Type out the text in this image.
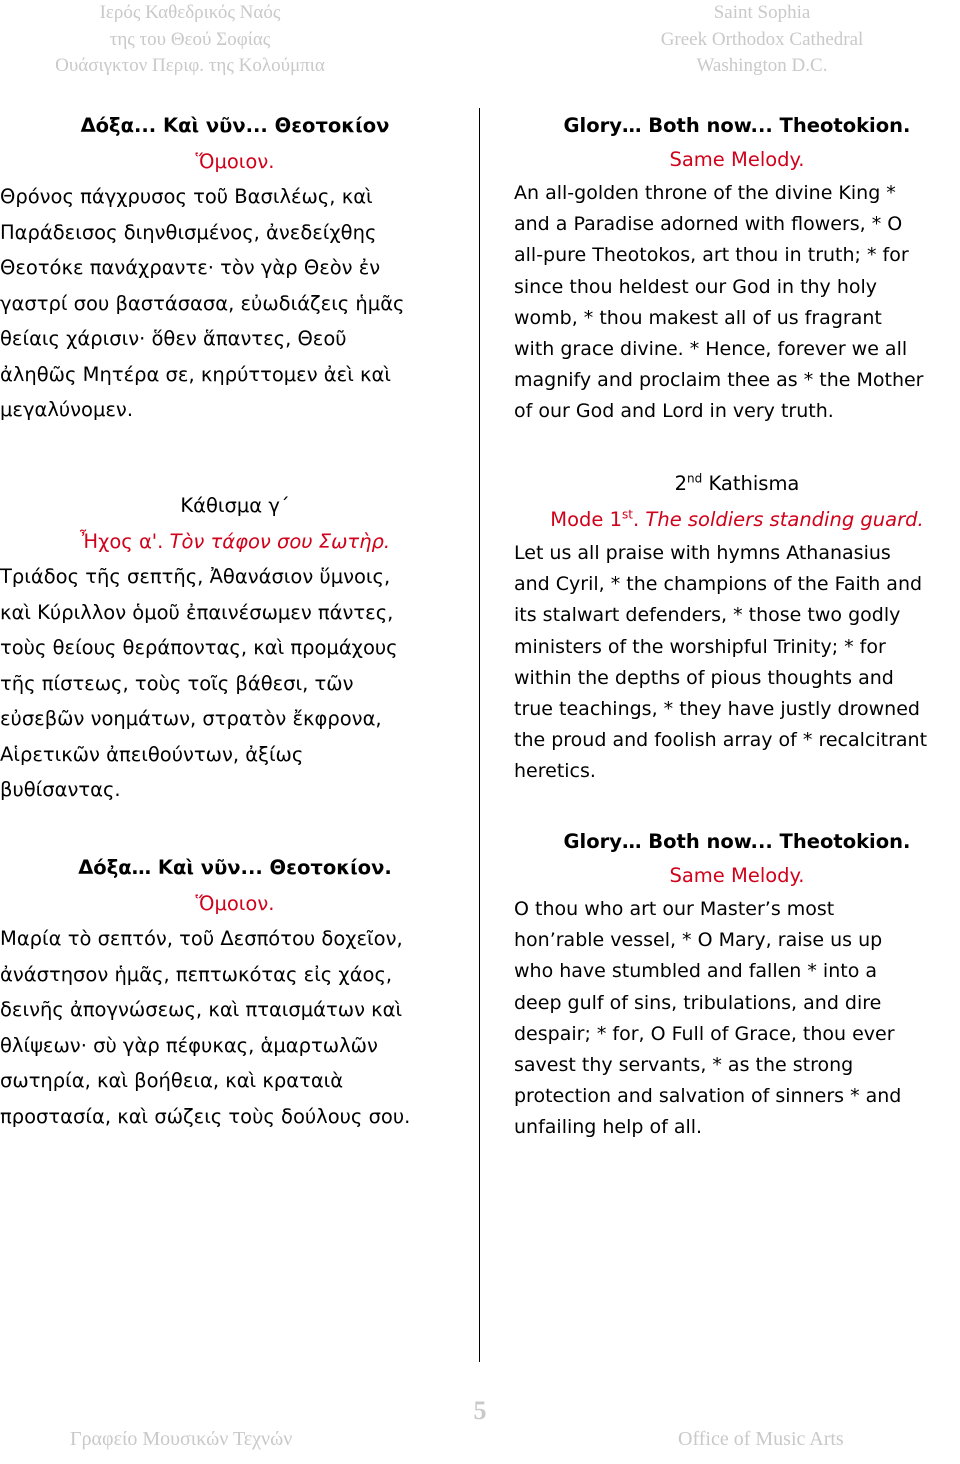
Ιερός Καθεδρικός Ναός
της του Θεού Σοφίας
Ουάσιγκτον Περιφ. της Κολούμπια
Saint Sophia
Greek Orthodox Cathedral
Washington D.C.
Δόξα... Καὶ νῦν... Θεοτοκίον
Ὅμοιον.
Θρόνος πάγχρυσος τοῦ Βασιλέως, καὶ
Παράδεισος διηνθισμένος, ἀνεδείχθης
Θεοτόκε πανάχραντε· τὸν γὰρ Θεὸν ἐν
γαστρί σου βαστάσασα, εὐωδιάζεις ἡμᾶς
θείαις χάρισιν· ὅθεν ἅπαντες, Θεοῦ
ἀληθῶς Μητέρα σε, κηρύττομεν ἀεὶ καὶ
μεγαλύνομεν.
Κάθισμα γ´
Ἦχος α'. Τὸν τάφον σου Σωτὴρ.
Τριάδος τῆς σεπτῆς, Ἀθανάσιον ὕμνοις,
καὶ Κύριλλον ὁμοῦ ἐπαινέσωμεν πάντες,
τοὺς θείους θεράποντας, καὶ προμάχους
τῆς πίστεως, τοὺς τοῖς βάθεσι, τῶν
εὐσεβῶν νοημάτων, στρατὸν ἔκφρονα,
Αἱρετικῶν ἀπειθούντων, ἀξίως
βυθίσαντας.
Δόξα… Καὶ νῦν... Θεοτοκίον.
Ὅμοιον.
Μαρία τὸ σεπτόν, τοῦ Δεσπότου δοχεῖον,
ἀνάστησον ἡμᾶς, πεπτωκότας εἰς χάος,
δεινῆς ἀπογνώσεως, καὶ πταισμάτων καὶ
θλίψεων· σὺ γὰρ πέφυκας, ἁμαρτωλῶν
σωτηρία, καὶ βοήθεια, καὶ κραταιὰ
προστασία, καὶ σώζεις τοὺς δούλους σου.
Glory… Both now... Theotokion.
Same Melody.
An all-golden throne of the divine King *
and a Paradise adorned with flowers, * O
all-pure Theotokos, art thou in truth; * for
since thou heldest our God in thy holy
womb, * thou makest all of us fragrant
with grace divine. * Hence, forever we all
magnify and proclaim thee as * the Mother
of our God and Lord in very truth.
2nd Kathisma
Mode 1st. The soldiers standing guard.
Let us all praise with hymns Athanasius
and Cyril, * the champions of the Faith and
its stalwart defenders, * those two godly
ministers of the worshipful Trinity; * for
within the depths of pious thoughts and
true teachings, * they have justly drowned
the proud and foolish array of * recalcitrant
heretics.
Glory… Both now... Theotokion.
Same Melody.
O thou who art our Master’s most
hon’rable vessel, * O Mary, raise us up
who have stumbled and fallen * into a
deep gulf of sins, tribulations, and dire
despair; * for, O Full of Grace, thou ever
savest thy servants, * as the strong
protection and salvation of sinners * and
unfailing help of all.
5
Γραφείο Μουσικών Τεχνών	Office of Music Arts
